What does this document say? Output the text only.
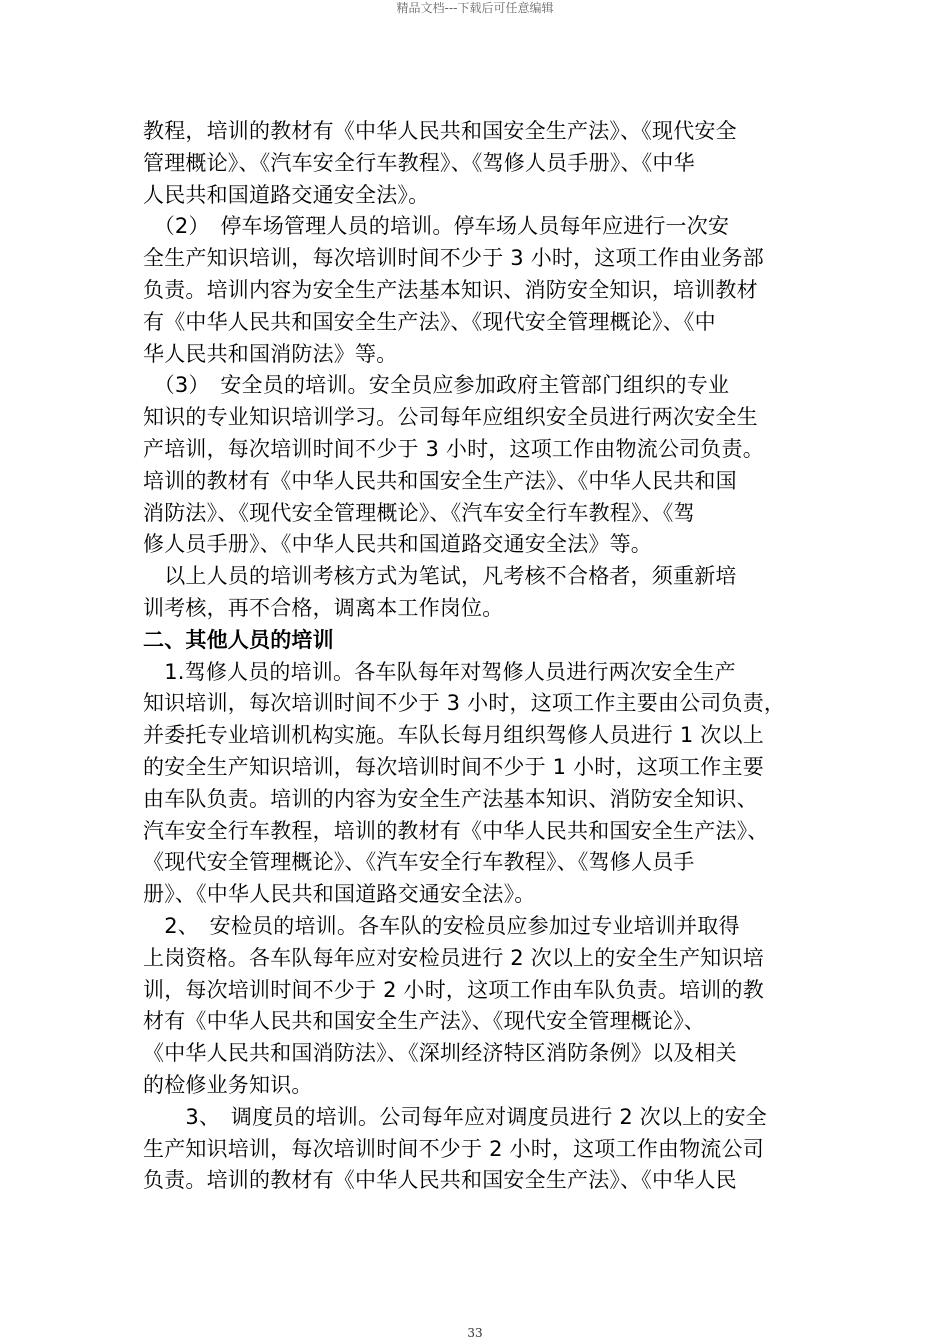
精品文档---下载后可任意编辑
教程，培训的教材有《中华人民共和国安全生产法》、《现代安全
管理概论》、《汽车安全行车教程》、《驾修人员手册》、《中华
人民共和国道路交通安全法》。
　（2）　停车场管理人员的培训。停车场人员每年应进行一次安
全生产知识培训，每次培训时间不少于 3 小时，这项工作由业务部
负责。培训内容为安全生产法基本知识、消防安全知识，培训教材
有《中华人民共和国安全生产法》、《现代安全管理概论》、《中
华人民共和国消防法》等。
　（3）　安全员的培训。安全员应参加政府主管部门组织的专业
知识的专业知识培训学习。公司每年应组织安全员进行两次安全生
产培训，每次培训时间不少于 3 小时，这项工作由物流公司负责。
培训的教材有《中华人民共和国安全生产法》、《中华人民共和国
消防法》、《现代安全管理概论》、《汽车安全行车教程》、《驾
修人员手册》、《中华人民共和国道路交通安全法》等。
　以上人员的培训考核方式为笔试，凡考核不合格者，须重新培
训考核，再不合格，调离本工作岗位。
二、其他人员的培训
　1.驾修人员的培训。各车队每年对驾修人员进行两次安全生产
知识培训，每次培训时间不少于 3 小时，这项工作主要由公司负责，
并委托专业培训机构实施。车队长每月组织驾修人员进行 1 次以上
的安全生产知识培训，每次培训时间不少于 1 小时，这项工作主要
由车队负责。培训的内容为安全生产法基本知识、消防安全知识、
汽车安全行车教程，培训的教材有《中华人民共和国安全生产法》、
《现代安全管理概论》、《汽车安全行车教程》、《驾修人员手
册》、《中华人民共和国道路交通安全法》。
　2、　安检员的培训。各车队的安检员应参加过专业培训并取得
上岗资格。各车队每年应对安检员进行 2 次以上的安全生产知识培
训，每次培训时间不少于 2 小时，这项工作由车队负责。培训的教
材有《中华人民共和国安全生产法》、《现代安全管理概论》、
《中华人民共和国消防法》、《深圳经济特区消防条例》以及相关
的检修业务知识。
　　3、　调度员的培训。公司每年应对调度员进行 2 次以上的安全
生产知识培训，每次培训时间不少于 2 小时，这项工作由物流公司
负责。培训的教材有《中华人民共和国安全生产法》、《中华人民
33
